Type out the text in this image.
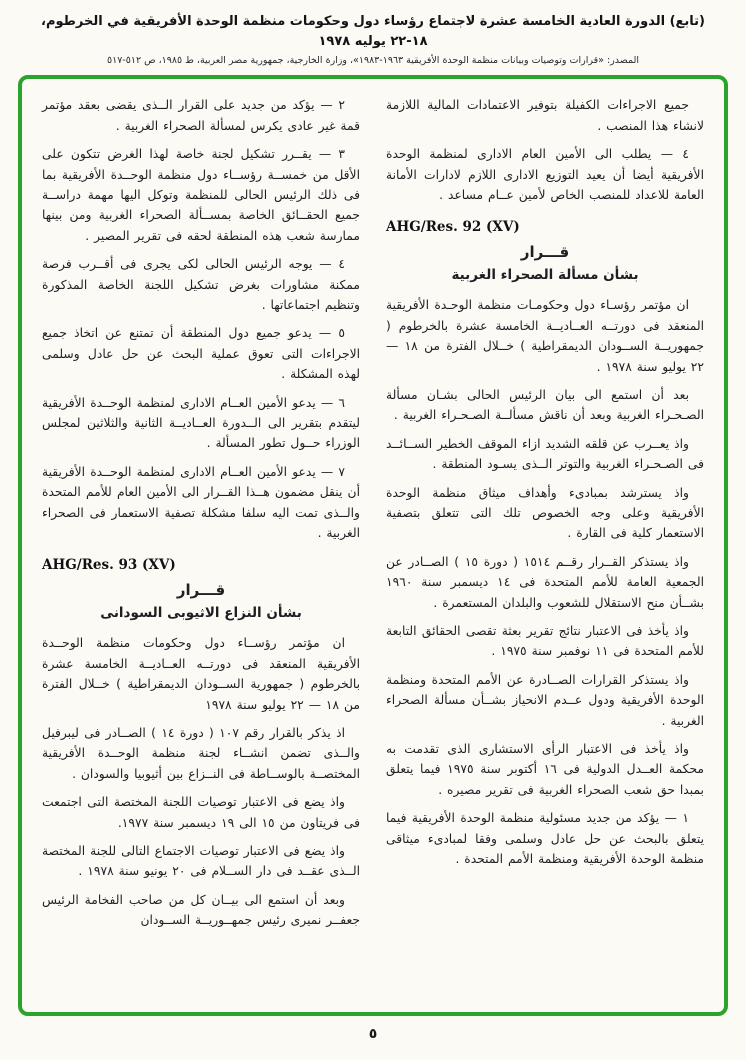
(تابع) الدورة العادية الخامسة عشرة لاجتماع رؤساء دول وحكومات منظمة الوحدة الأفريقية في الخرطوم، ١٨-٢٢ يوليه ١٩٧٨
المصدر: «قرارات وتوصيات وبيانات منظمة الوحدة الأفريقية ١٩٦٣-١٩٨٣»، وزارة الخارجية، جمهورية مصر العربية، ط ١٩٨٥، ص ٥١٢-٥١٧
جميع الاجراءات الكفيلة بتوفير الاعتمادات المالية اللازمة لانشاء هذا المنصب .
٤ — يطلب الى الأمين العام الادارى لمنظمة الوحدة الأفريقية أيضا أن يعيد التوزيع الادارى اللازم لادارات الأمانة العامة للاعداد للمنصب الخاص لأمين عــام مساعد .
AHG/Res. 92 (XV)
قـــرار
بشأن مسألة الصحراء الغربية
ان مؤتمر رؤسـاء دول وحكومـات منظمة الوحـدة الأفريقية المنعقد فى دورتــه العــاديــة الخامسة عشرة بالخرطوم ( جمهوريــة الســودان الديمقراطية ) خــلال الفترة من ١٨ — ٢٢ يوليو سنة ١٩٧٨ .
بعد أن استمع الى بيان الرئيس الحالى بشـان مسألة الصـحـراء الغربية وبعد أن ناقش مسألــة الصـحـراء الغربية .
واذ يعــرب عن قلقه الشديد ازاء الموقف الخطير الســائــد فى الصـحـراء الغربية والتوتر الــذى يسـود المنطقة .
واذ يسترشد بمبادىء وأهداف ميثاق منظمة الوحدة الأفريقية وعلى وجه الخصوص تلك التى تتعلق بتصفية الاستعمار كلية فى القارة .
واذ يستذكر القــرار رقــم ١٥١٤ ( دورة ١٥ ) الصــادر عن الجمعية العامة للأمم المتحدة فى ١٤ ديسمبر سنة ١٩٦٠ بشــأن منح الاستقلال للشعوب والبلدان المستعمرة .
واذ يأخذ فى الاعتبار نتائج تقرير بعثة تقصى الحقائق التابعة للأمم المتحدة فى ١١ نوفمبر سنة ١٩٧٥ .
واذ يستذكر القرارات الصــادرة عن الأمم المتحدة ومنظمة الوحدة الأفريقية ودول عــدم الانحياز بشــأن مسألة الصحراء الغربية .
واذ يأخذ فى الاعتبار الرأى الاستشارى الذى تقدمت به محكمة العــدل الدولية فى ١٦ أكتوبر سنة ١٩٧٥ فيما يتعلق بمبدا حق شعب الصحراء الغربية فى تقرير مصيره .
١ — يؤكد من جديد مسئولية منظمة الوحدة الأفريقية فيما يتعلق بالبحث عن حل عادل وسلمى وفقا لمبادىء ميثاقى منظمة الوحدة الأفريقية ومنظمة الأمم المتحدة .
٢ — يؤكد من جديد على القرار الــذى يقضى بعقد مؤتمر قمة غير عادى يكرس لمسألة الصحراء الغربية .
٣ — يقــرر تشكيل لجنة خاصة لهذا الغرض تتكون على الأقل من خمســة رؤســاء دول منظمة الوحــدة الأفريقية بما فى ذلك الرئيس الحالى للمنظمة وتوكل اليها مهمة دراســة جميع الحقــائق الخاصة بمســألة الصحراء الغربية ومن بينها ممارسة شعب هذه المنطقة لحقه فى تقرير المصير .
٤ — يوجه الرئيس الحالى لكى يجرى فى أقــرب فرصة ممكنة مشاورات بغرض تشكيل اللجنة الخاصة المذكورة وتنظيم اجتماعاتها .
٥ — يدعو جميع دول المنطقة أن تمتنع عن اتخاذ جميع الاجراءات التى تعوق عملية البحث عن حل عادل وسلمى لهذه المشكلة .
٦ — يدعو الأمين العــام الادارى لمنظمة الوحــدة الأفريقية ليتقدم بتقرير الى الــدورة العــاديــة الثانية والثلاثين لمجلس الوزراء حــول تطور المسألة .
٧ — يدعو الأمين العــام الادارى لمنظمة الوحــدة الأفريقية أن ينقل مضمون هــذا القــرار الى الأمين العام للأمم المتحدة والــذى تمت اليه سلفا مشكلة تصفية الاستعمار فى الصحراء الغربية .
AHG/Res. 93 (XV)
قـــرار
بشأن النزاع الاثيوبى السودانى
ان مؤتمر رؤســاء دول وحكومات منظمة الوحــدة الأفريقية المنعقد فى دورتــه العــاديــة الخامسة عشرة بالخرطوم ( جمهورية الســودان الديمقراطية ) خــلال الفترة من ١٨ — ٢٢ يوليو سنة ١٩٧٨
اذ يذكر بالقرار رقم ١٠٧ ( دورة ١٤ ) الصــادر فى ليبرفيل والــذى تضمن انشــاء لجنة منظمة الوحــدة الأفريقية المختصــة بالوســاطة فى النــزاع بين أثيوبيا والسودان .
واذ يضع فى الاعتبار توصيات اللجنة المختصة التى اجتمعت فى فريتاون من ١٥ الى ١٩ ديسمبر سنة ١٩٧٧.
واذ يضع فى الاعتبار توصيات الاجتماع التالى للجنة المختصة الــذى عقــد فى دار الســلام فى ٢٠ يونيو سنة ١٩٧٨ .
وبعد أن استمع الى بيــان كل من صاحب الفخامة الرئيس جعفــر نميرى رئيس جمهــوريــة الســودان
٥
